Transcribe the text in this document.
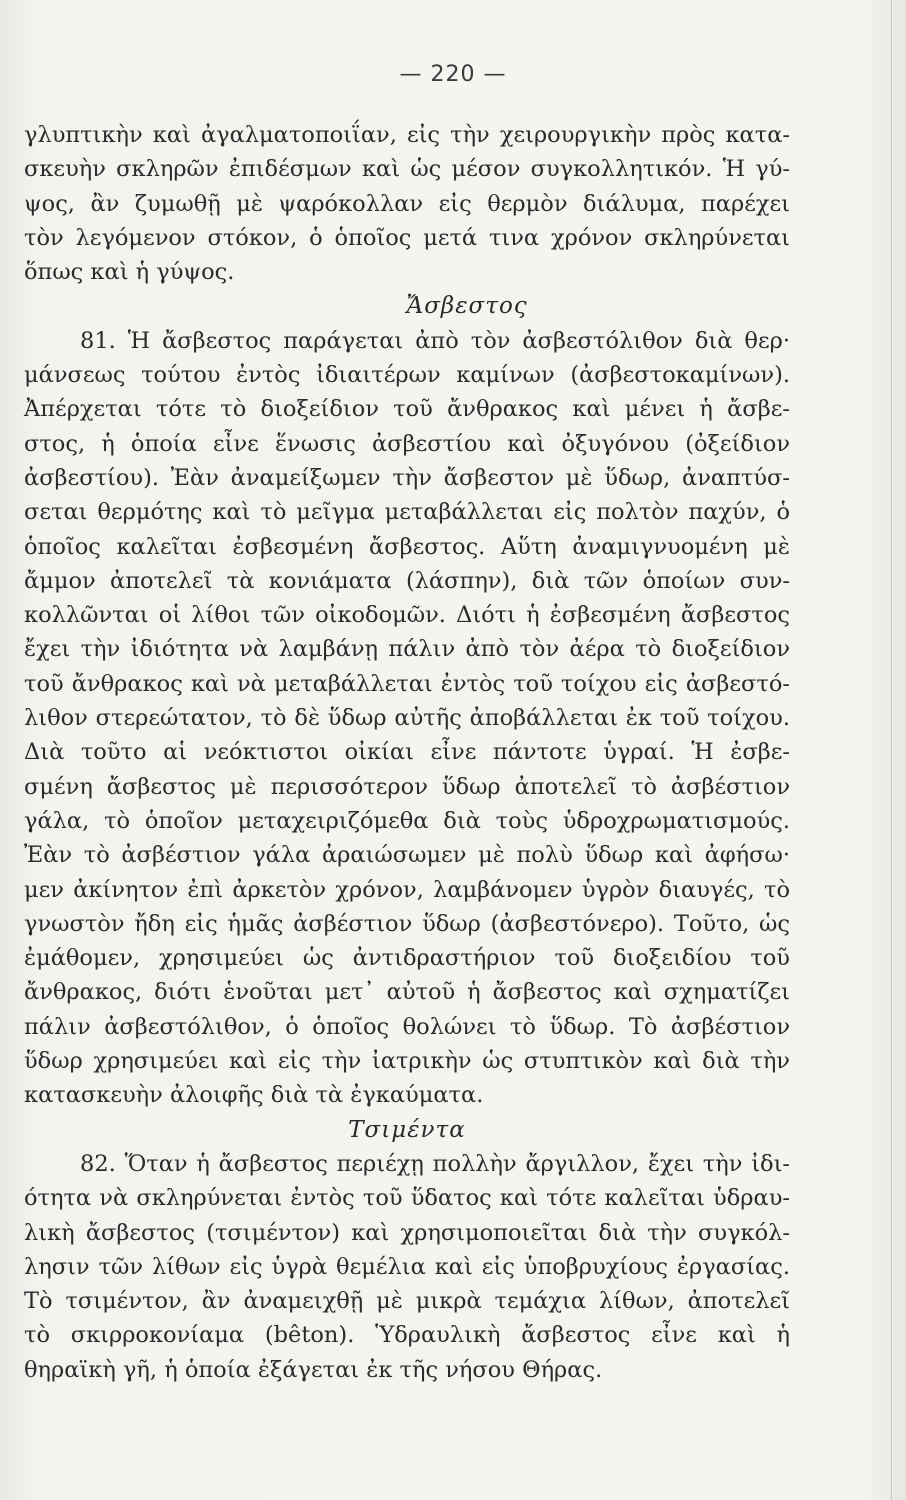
— 220 —
γλυπτικὴν καὶ ἀγαλματοποιΐαν, εἰς τὴν χειρουργικὴν πρὸς κατα-
σκευὴν σκληρῶν ἐπιδέσμων καὶ ὡς μέσον συγκολλητικόν. Ἡ γύ-
ψος, ἂν ζυμωθῇ μὲ ψαρόκολλαν εἰς θερμὸν διάλυμα, παρέχει
τὸν λεγόμενον στόκον, ὁ ὁποῖος μετά τινα χρόνον σκληρύνεται
ὅπως καὶ ἡ γύψος.
Ἄσβεστος
81. Ἡ ἄσβεστος παράγεται ἀπὸ τὸν ἀσβεστόλιθον διὰ θερ·
μάνσεως τούτου ἐντὸς ἰδιαιτέρων καμίνων (ἀσβεστοκαμίνων).
Ἀπέρχεται τότε τὸ διοξείδιον τοῦ ἄνθρακος καὶ μένει ἡ ἄσβε-
στος, ἡ ὁποία εἶνε ἕνωσις ἀσβεστίου καὶ ὀξυγόνου (ὀξείδιον
ἀσβεστίου). Ἐὰν ἀναμείξωμεν τὴν ἄσβεστον μὲ ὕδωρ, ἀναπτύσ-
σεται θερμότης καὶ τὸ μεῖγμα μεταβάλλεται εἰς πολτὸν παχύν, ὁ
ὁποῖος καλεῖται ἐσβεσμένη ἄσβεστος. Αὕτη ἀναμιγνυομένη μὲ
ἄμμον ἀποτελεῖ τὰ κονιάματα (λάσπην), διὰ τῶν ὁποίων συν-
κολλῶνται οἱ λίθοι τῶν οἰκοδομῶν. Διότι ἡ ἐσβεσμένη ἄσβεστος
ἔχει τὴν ἰδιότητα νὰ λαμβάνῃ πάλιν ἀπὸ τὸν ἀέρα τὸ διοξείδιον
τοῦ ἄνθρακος καὶ νὰ μεταβάλλεται ἐντὸς τοῦ τοίχου εἰς ἀσβεστό-
λιθον στερεώτατον, τὸ δὲ ὕδωρ αὐτῆς ἀποβάλλεται ἐκ τοῦ τοίχου.
Διὰ τοῦτο αἱ νεόκτιστοι οἰκίαι εἶνε πάντοτε ὑγραί. Ἡ ἐσβε-
σμένη ἄσβεστος μὲ περισσότερον ὕδωρ ἀποτελεῖ τὸ ἀσβέστιον
γάλα, τὸ ὁποῖον μεταχειριζόμεθα διὰ τοὺς ὑδροχρωματισμούς.
Ἐὰν τὸ ἀσβέστιον γάλα ἀραιώσωμεν μὲ πολὺ ὕδωρ καὶ ἀφήσω·
μεν ἀκίνητον ἐπὶ ἀρκετὸν χρόνον, λαμβάνομεν ὑγρὸν διαυγές, τὸ
γνωστὸν ἤδη εἰς ἡμᾶς ἀσβέστιον ὕδωρ (ἀσβεστόνερο). Τοῦτο, ὡς
ἐμάθομεν, χρησιμεύει ὡς ἀντιδραστήριον τοῦ διοξειδίου τοῦ
ἄνθρακος, διότι ἑνοῦται μετ᾽ αὐτοῦ ἡ ἄσβεστος καὶ σχηματίζει
πάλιν ἀσβεστόλιθον, ὁ ὁποῖος θολώνει τὸ ὕδωρ. Τὸ ἀσβέστιον
ὕδωρ χρησιμεύει καὶ εἰς τὴν ἰατρικὴν ὡς στυπτικὸν καὶ διὰ τὴν
κατασκευὴν ἀλοιφῆς διὰ τὰ ἐγκαύματα.
Τσιμέντα
82. Ὅταν ἡ ἄσβεστος περιέχῃ πολλὴν ἄργιλλον, ἔχει τὴν ἰδι-
ότητα νὰ σκληρύνεται ἐντὸς τοῦ ὕδατος καὶ τότε καλεῖται ὑδραυ-
λικὴ ἄσβεστος (τσιμέντον) καὶ χρησιμοποιεῖται διὰ τὴν συγκόλ-
λησιν τῶν λίθων εἰς ὑγρὰ θεμέλια καὶ εἰς ὑποβρυχίους ἐργασίας.
Τὸ τσιμέντον, ἂν ἀναμειχθῇ μὲ μικρὰ τεμάχια λίθων, ἀποτελεῖ
τὸ σκιρροκονίαμα (bêton). Ὑδραυλικὴ ἄσβεστος εἶνε καὶ ἡ
θηραϊκὴ γῆ, ἡ ὁποία ἐξάγεται ἐκ τῆς νήσου Θήρας.
